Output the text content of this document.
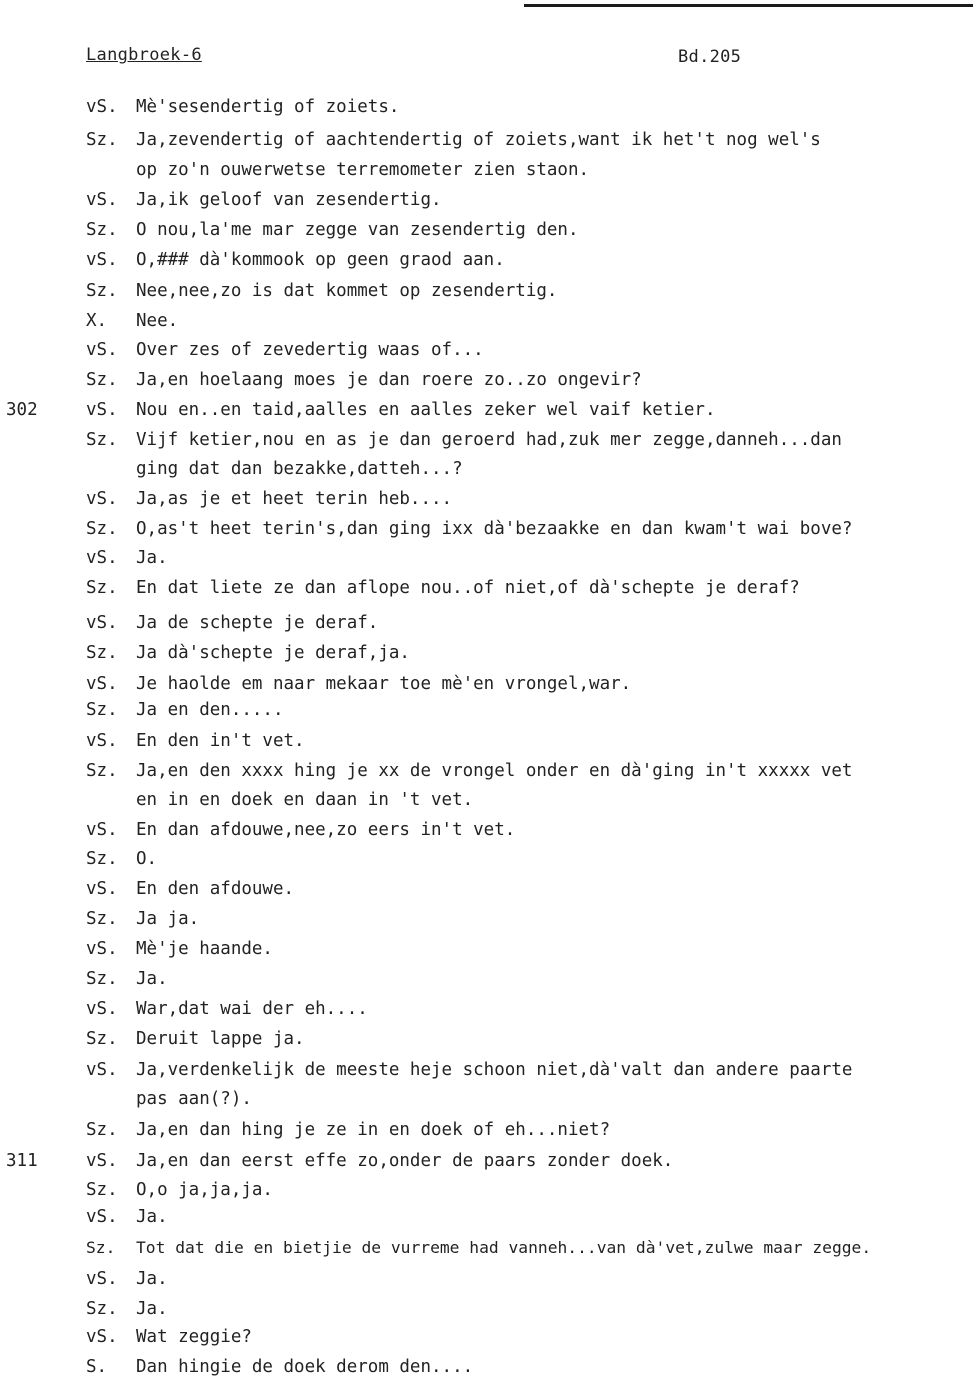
Langbroek-6	Bd.205
vS. Mè'sesendertig of zoiets.
Sz. Ja,zevendertig of aachtendertig of zoiets,want ik het't nog wel's
op zo'n ouwerwetse terremometer zien staon.
vS. Ja,ik geloof van zesendertig.
Sz. O nou,la'me mar zegge van zesendertig den.
vS. O,### dà'kommook op geen graod aan.
Sz. Nee,nee,zo is dat kommet op zesendertig.
X. Nee.
vS. Over zes of zevedertig waas of...
Sz. Ja,en hoelaang moes je dan roere zo..zo ongevir?
302	vS. Nou en..en taid,aalles en aalles zeker wel vaif ketier.
Sz. Vijf ketier,nou en as je dan geroerd had,zuk mer zegge,danneh...dan
ging dat dan bezakke,datteh...?
vS. Ja,as je et heet terin heb....
Sz. O,as't heet terin's,dan ging ixx dà'bezaakke en dan kwam't wai bove?
vS. Ja.
Sz. En dat liete ze dan aflope nou..of niet,of dà'schepte je deraf?
vS. Ja de schepte je deraf.
Sz. Ja dà'schepte je deraf,ja.
vS. Je haolde em naar mekaar toe mè'en vrongel,war.
Sz. Ja en den.....
vS. En den in't vet.
Sz. Ja,en den xxxx hing je xx de vrongel onder en dà'ging in't xxxxx vet
en in en doek en daan in 't vet.
vS. En dan afdouwe,nee,zo eers in't vet.
Sz. O.
vS. En den afdouwe.
Sz. Ja ja.
vS. Mè'je haande.
Sz. Ja.
vS. War,dat wai der eh....
Sz. Deruit lappe ja.
vS. Ja,verdenkelijk de meeste heje schoon niet,dà'valt dan andere paarte
pas aan(?).
Sz. Ja,en dan hing je ze in en doek of eh...niet?
311	vS. Ja,en dan eerst effe zo,onder de paars zonder doek.
Sz. O,o ja,ja,ja.
vS. Ja.
Sz. Tot dat die en bietjie de vurreme had vanneh...van dà'vet,zulwe maar zegge.
vS. Ja.
Sz. Ja.
vS. Wat zeggie?
S. Dan hingie de doek derom den....
